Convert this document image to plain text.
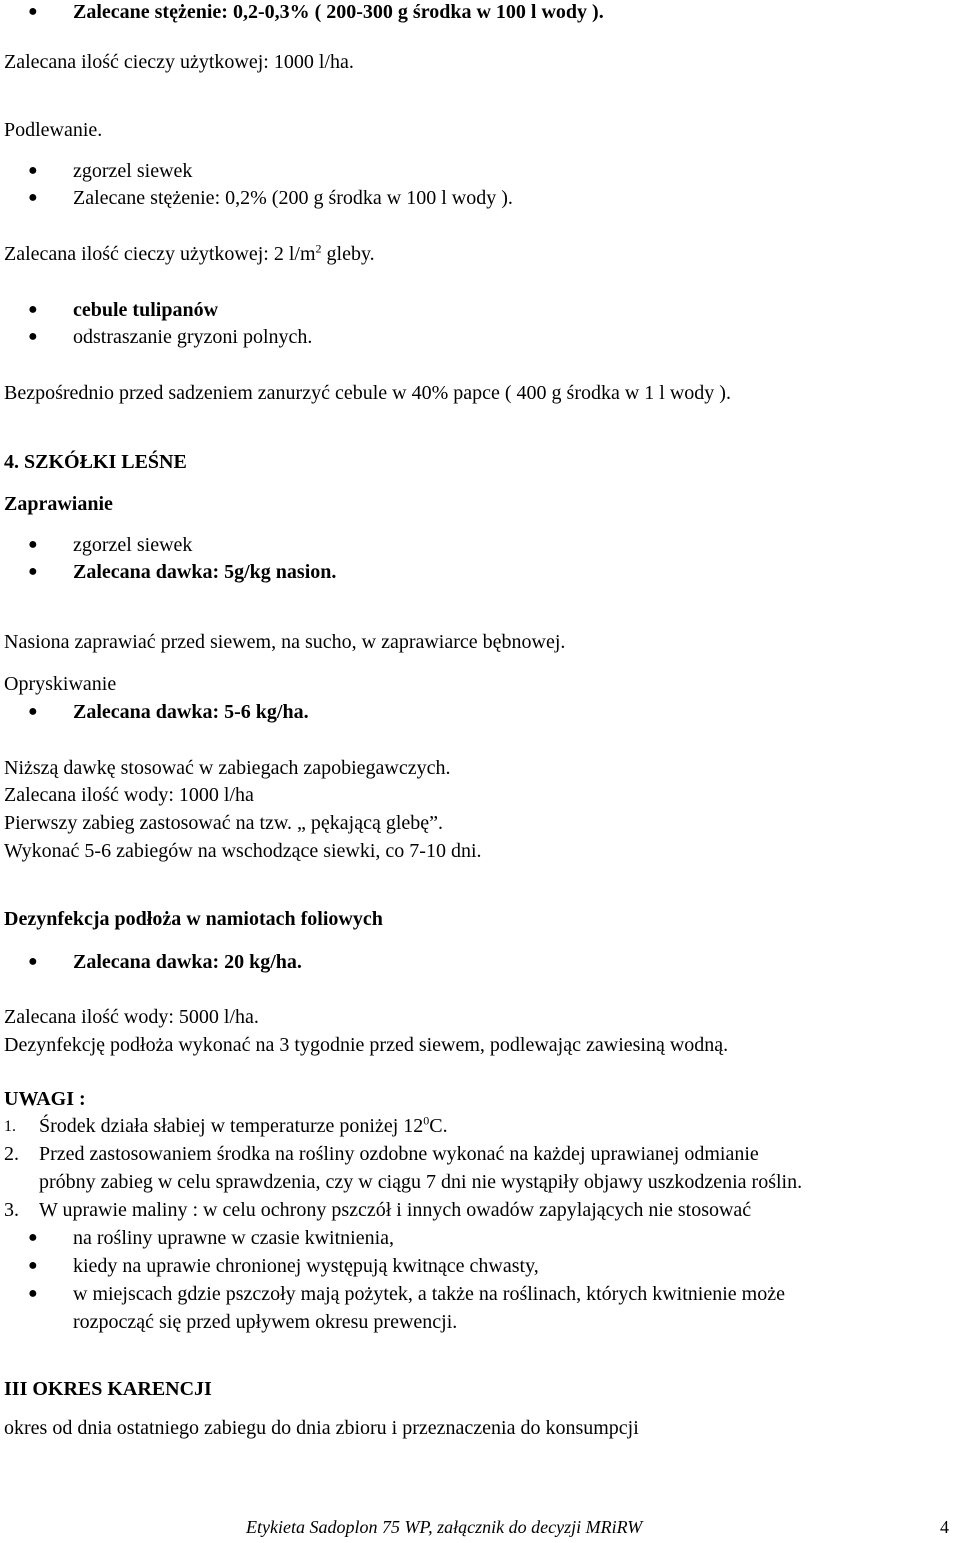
● Zalecane stężenie: 0,2-0,3% ( 200-300 g środka w 100 l wody ).
Zalecana ilość cieczy użytkowej: 1000 l/ha.
Podlewanie.
● zgorzel siewek
● Zalecane stężenie: 0,2% (200 g środka w 100 l wody ).
Zalecana ilość cieczy użytkowej: 2 $l/m^2$ gleby.
● cebule tulipanów
● odstraszanie gryzoni polnych.
Bezpośrednio przed sadzeniem zanurzyć cebule w 40% papce ( 400 g środka w 1 l wody ).
4. SZKÓŁKI LEŚNE
Zaprawianie
● zgorzel siewek
● Zalecana dawka: 5g/kg nasion.
Nasiona zaprawiać przed siewem, na sucho, w zaprawiarce bębnowej.
Opryskiwanie
● Zalecana dawka: 5-6 kg/ha.
Niższą dawkę stosować w zabiegach zapobiegawczych.
Zalecana ilość wody: 1000 l/ha
Pierwszy zabieg zastosować na tzw. „ pękającą glebę”.
Wykonać 5-6 zabiegów na wschodzące siewki, co 7-10 dni.
Dezynfekcja podłoża w namiotach foliowych
● Zalecana dawka: 20 kg/ha.
Zalecana ilość wody: 5000 l/ha.
Dezynfekcję podłoża wykonać na 3 tygodnie przed siewem, podlewając zawiesiną wodną.
UWAGI :
1. Środek działa słabiej w temperaturze poniżej $12^0C$.
2. Przed zastosowaniem środka na rośliny ozdobne wykonać na każdej uprawianej odmianie
próbny zabieg w celu sprawdzenia, czy w ciągu 7 dni nie wystąpiły objawy uszkodzenia roślin.
3. W uprawie maliny : w celu ochrony pszczół i innych owadów zapylających nie stosować
● na rośliny uprawne w czasie kwitnienia,
● kiedy na uprawie chronionej występują kwitnące chwasty,
● w miejscach gdzie pszczoły mają pożytek, a także na roślinach, których kwitnienie może
rozpocząć się przed upływem okresu prewencji.
III OKRES KARENCJI
okres od dnia ostatniego zabiegu do dnia zbioru i przeznaczenia do konsumpcji
Etykieta Sadoplon 75 WP, załącznik do decyzji MRiRW	4
